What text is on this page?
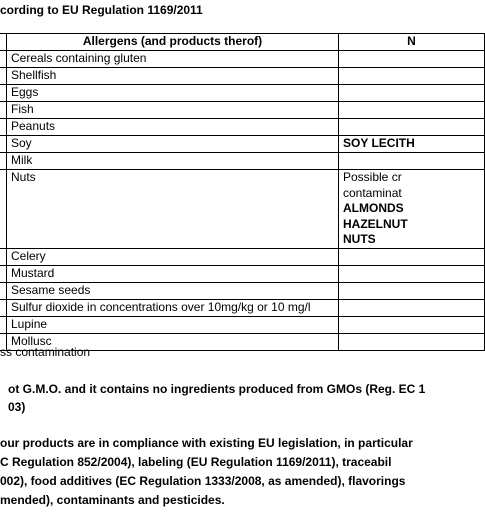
cording to EU Regulation 1169/2011
	Allergens (and products therof)	N
	Cereals containing gluten	
	Shellfish	
	Eggs	
	Fish	
	Peanuts	
	Soy	SOY LECITH
	Milk	
	Nuts	Possible cr
contaminat
ALMONDS
HAZELNUT
NUTS

	Celery	
	Mustard	
	Sesame seeds	
	Sulfur dioxide in concentrations over 10mg/kg or 10 mg/l	
	Lupine	
	Mollusc	
ss contamination
ot G.M.O. and it contains no ingredients produced from GMOs (Reg. EC 1
03)
our products are in compliance with existing EU legislation, in particular
C Regulation 852/2004), labeling (EU Regulation 1169/2011), traceabil
002), food additives (EC Regulation 1333/2008, as amended), flavorings
mended), contaminants and pesticides.
